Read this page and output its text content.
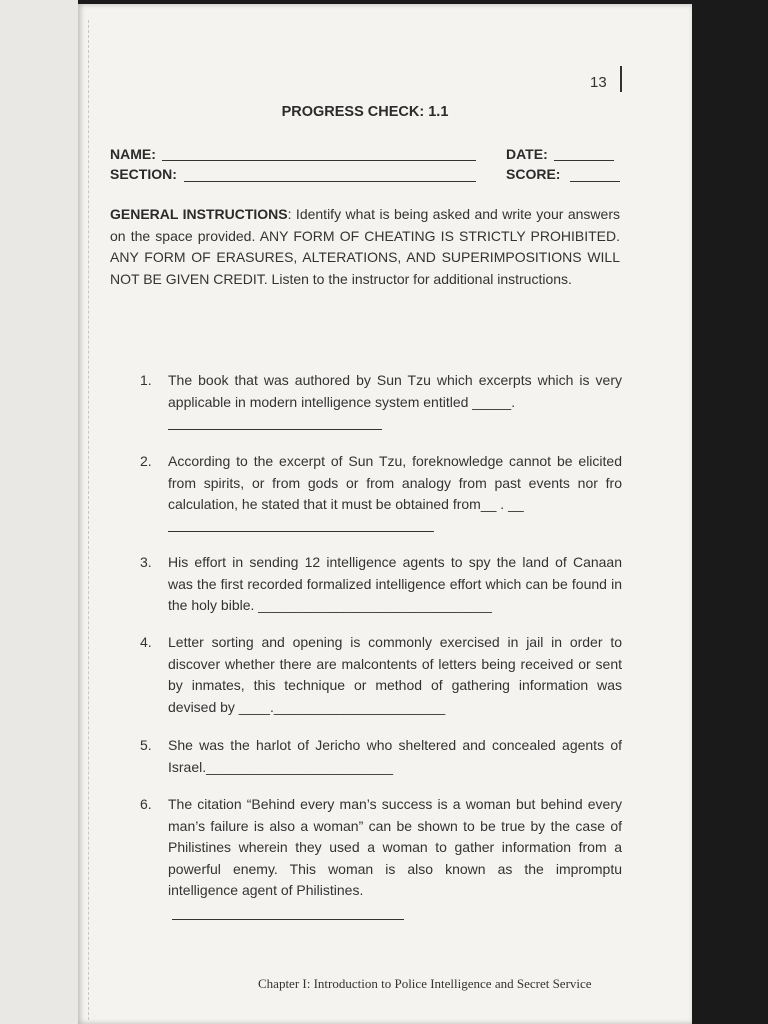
13
PROGRESS CHECK: 1.1
NAME:	DATE:
SECTION:	SCORE:
GENERAL INSTRUCTIONS: Identify what is being asked and write your answers on the space provided. ANY FORM OF CHEATING IS STRICTLY PROHIBITED. ANY FORM OF ERASURES, ALTERATIONS, AND SUPERIMPOSITIONS WILL NOT BE GIVEN CREDIT. Listen to the instructor for additional instructions.
1. The book that was authored by Sun Tzu which excerpts which is very applicable in modern intelligence system entitled _____.
2. According to the excerpt of Sun Tzu, foreknowledge cannot be elicited from spirits, or from gods or from analogy from past events nor fro calculation, he stated that it must be obtained from__ . __
3. His effort in sending 12 intelligence agents to spy the land of Canaan was the first recorded formalized intelligence effort which can be found in the holy bible. ______________________________
4. Letter sorting and opening is commonly exercised in jail in order to discover whether there are malcontents of letters being received or sent by inmates, this technique or method of gathering information was devised by ____.______________________
5. She was the harlot of Jericho who sheltered and concealed agents of Israel.________________________
6. The citation “Behind every man’s success is a woman but behind every man’s failure is also a woman” can be shown to be true by the case of Philistines wherein they used a woman to gather information from a powerful enemy. This woman is also known as the impromptu intelligence agent of Philistines.
Chapter I: Introduction to Police Intelligence and Secret Service
